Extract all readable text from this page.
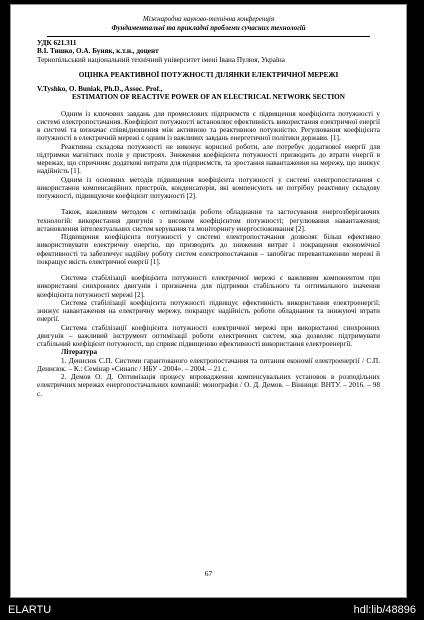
Міжнародна науково-технічна конференція
Фундаментальні та прикладні проблеми сучасних технологій

УДК 621.311

В.І. Тишко, О.А. Буняк, к.т.н., доцент

Тернопільський національний технічний університет імені Івана Пулюя, Україна

ОЦІНКА РЕАКТИВНОЇ ПОТУЖНОСТІ ДІЛЯНКИ ЕЛЕКТРИЧНОЇ МЕРЕЖІ

V.Tyshko, O. Buniak, Ph.D., Assoc. Prof.,

ESTIMATION OF REACTIVE POWER OF AN ELECTRICAL NETWORK SECTION

Одним із ключових завдань для промислових підприємств є підвищення коефіцієнта потужності у системі електропостачання. Коефіцієнт потужності встановлює ефективність використання електричної енергії в системі та визначає співвідношення між активною та реактивною потужністю. Регулювання коефіцієнта потужності в електричній мережі є одним із важливих завдань енергетичної політики держави. [1].

Реактивна складова потужності не виконує корисної роботи, але потребує додаткової енергії для підтримки магнітних полів у пристроях. Зниження коефіцієнта потужності призводить до втрати енергії в мережах, що спричиняє додаткові витрати для підприємств, та зростання навантаження на мережу, що знижує надійність [1].

Одним із основних методів підвищення коефіцієнта потужності у системі електропостачання є використання компенсаційних пристроїв, конденсаторів, які компенсують не потрібну реактивну складову потужності, підвищуючи коефіцієнт потужності [2].

Також, важливим методом є оптимізація роботи обладнання та застосування енергозберігаючих технологій: використання двигунів з високим коефіцієнтом потужності; регулювання навантаження; встановлення інтелектуальних систем керування та моніторингу енергоспоживання [2].

Підвищення коефіцієнта потужності у системі електропостачання дозволяє більш ефективно використовувати електричну енергію, що призводить до зниження витрат і покращення економічної ефективності та забезпечує надійну роботу систем електропостачання – запобігає перевантаженню мережі й покращує якість електричної енергії [1].

Система стабілізації коефіцієнта потужності електричної мережі є важливим компонентом при використанні синхронних двигунів і призначена для підтримки стабільного та оптимального значення коефіцієнта потужності мережі [2].

Система стабілізації коефіцієнта потужності підвищує ефективність використання електроенергії; знижує навантаження на електричну мережу, покращує надійність роботи обладнання та знижуючі втрати енергії.

Система стабілізації коефіцієнта потужності електричної мережі при використанні синхронних двигунів – важливий інструмент оптимізації роботи електричних систем, яка дозволяє підтримувати стабільний коефіцієнт потужності, що сприяє підвищенню ефективності використання електроенергії.

Література

1. Денисюк С.П. Системи гарантованого електропостачання та питання економії електроенергії / С.П. Денисюк. – К.: Семінар «Синапс / НБУ - 2004». – 2004. – 21 с.

2. Демов О. Д. Оптимізація процесу впровадження компенсувальних установок в розподільних електричних мережах енергопостачальних компаній: монографія / О. Д. Демов. – Вінниця: ВНТУ. – 2016. – 98 с.

67
ELARTU	hdl:lib/48896
